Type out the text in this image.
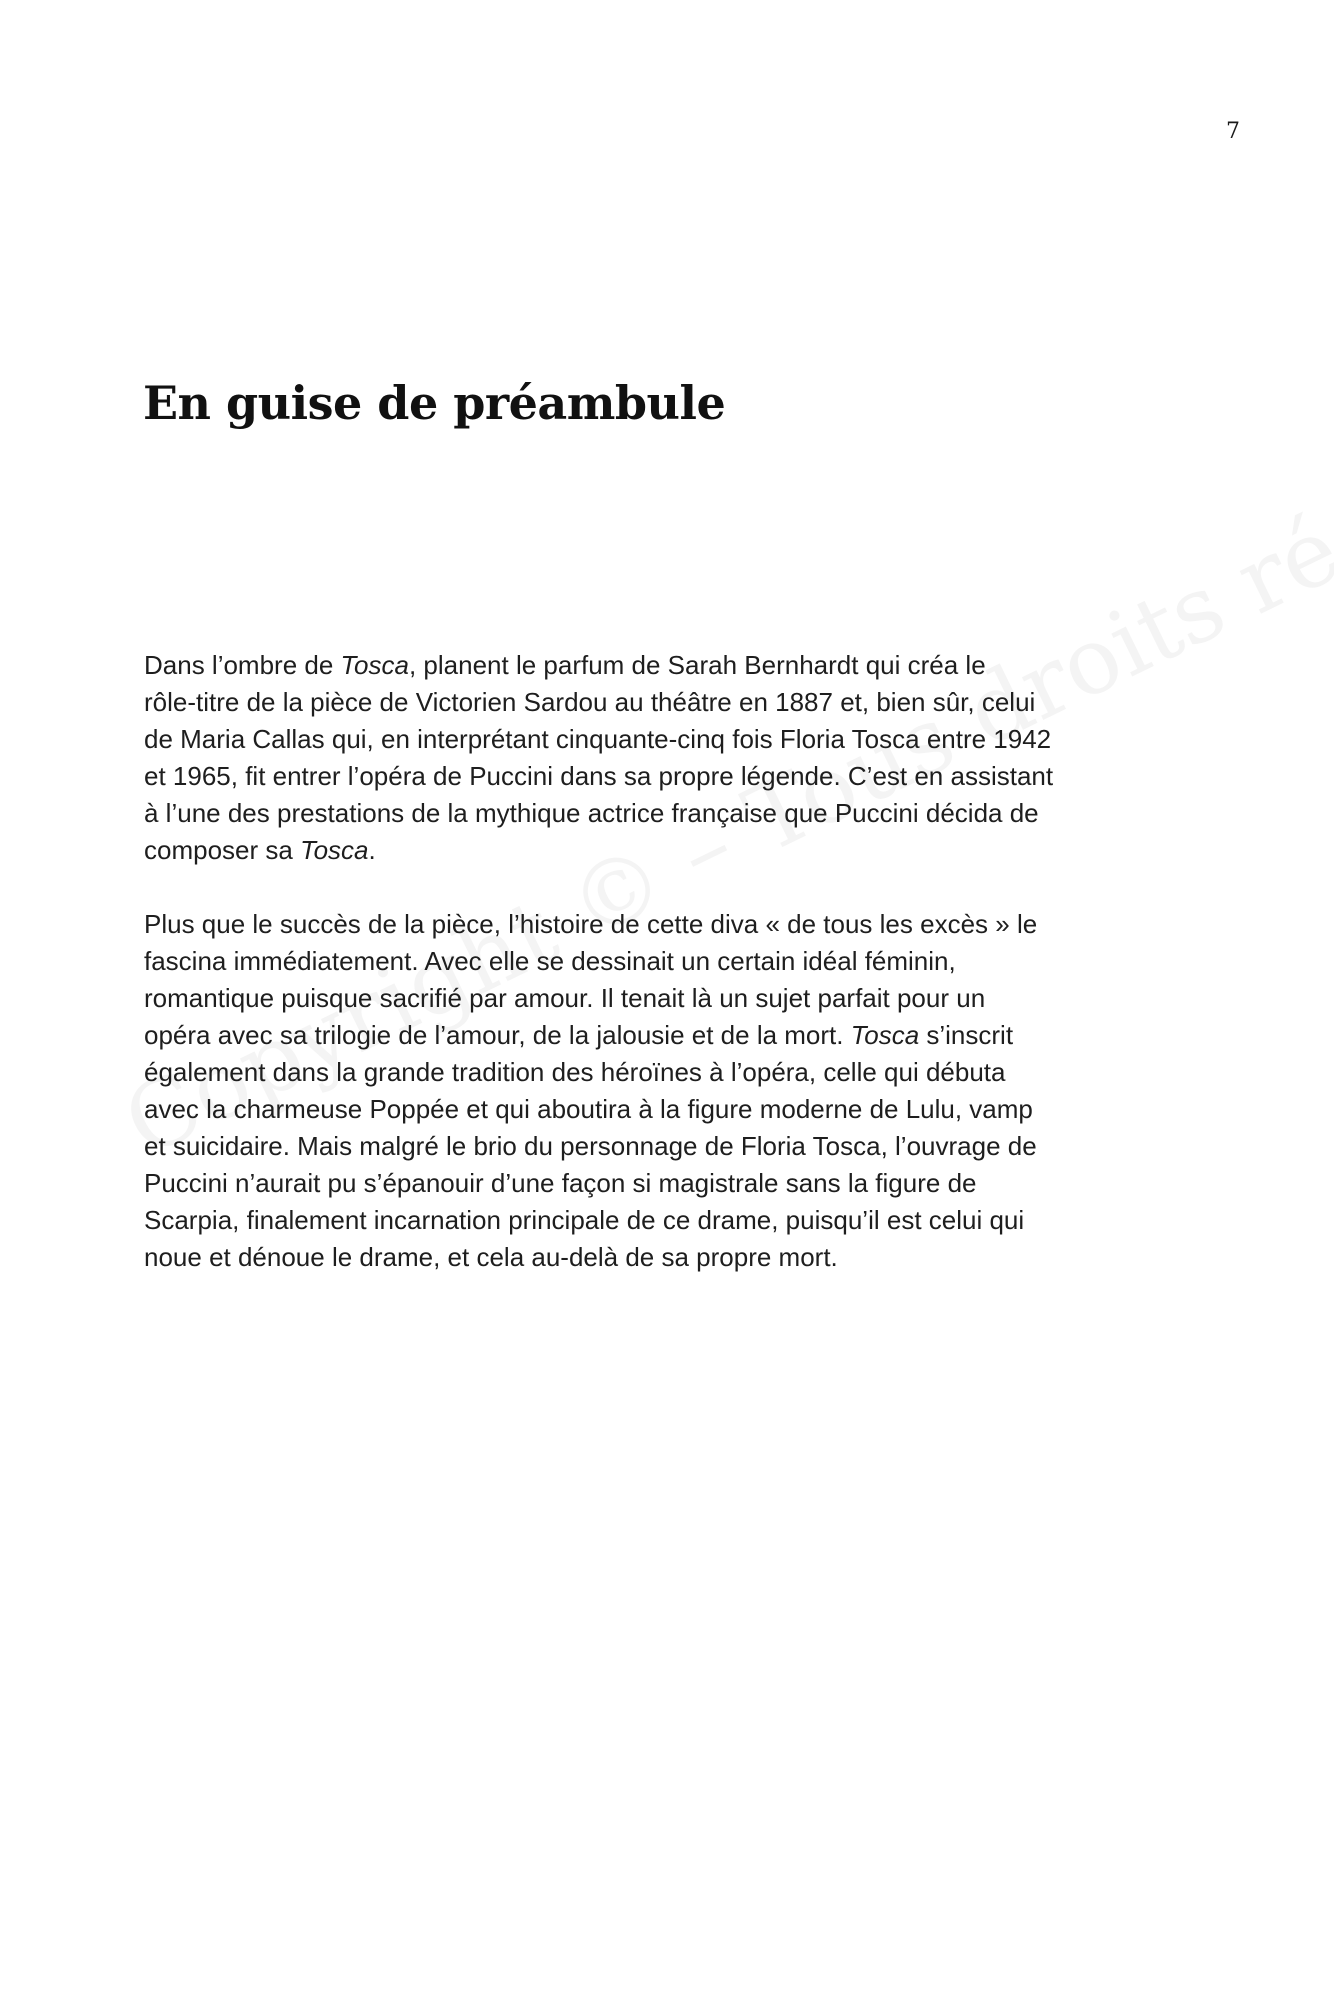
7
En guise de préambule
Dans l’ombre de Tosca, planent le parfum de Sarah Bernhardt qui créa le
rôle-titre de la pièce de Victorien Sardou au théâtre en 1887 et, bien sûr, celui
de Maria Callas qui, en interprétant cinquante-cinq fois Floria Tosca entre 1942
et 1965, fit entrer l’opéra de Puccini dans sa propre légende. C’est en assistant
à l’une des prestations de la mythique actrice française que Puccini décida de
composer sa Tosca.
Plus que le succès de la pièce, l’histoire de cette diva « de tous les excès » le
fascina immédiatement. Avec elle se dessinait un certain idéal féminin,
romantique puisque sacrifié par amour. Il tenait là un sujet parfait pour un
opéra avec sa trilogie de l’amour, de la jalousie et de la mort. Tosca s’inscrit
également dans la grande tradition des héroïnes à l’opéra, celle qui débuta
avec la charmeuse Poppée et qui aboutira à la figure moderne de Lulu, vamp
et suicidaire. Mais malgré le brio du personnage de Floria Tosca, l’ouvrage de
Puccini n’aurait pu s’épanouir d’une façon si magistrale sans la figure de
Scarpia, finalement incarnation principale de ce drame, puisqu’il est celui qui
noue et dénoue le drame, et cela au-delà de sa propre mort.
